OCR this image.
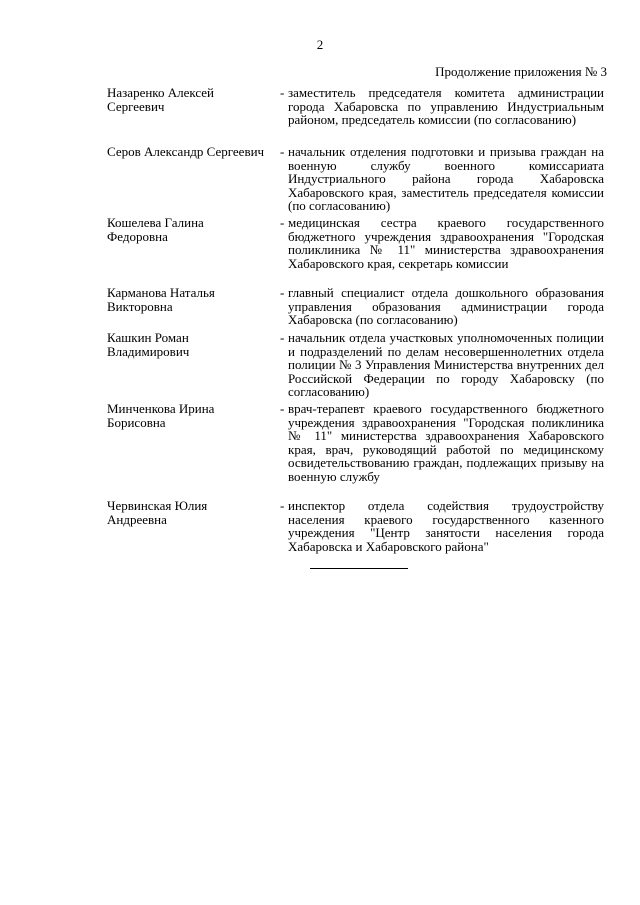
2
Продолжение приложения № 3
Назаренко Алексей Сергеевич
- заместитель председателя комитета администрации города Хабаровска по управлению Индустриальным районом, председатель комиссии (по согласованию)
Серов Александр Сергеевич - начальник отделения подготовки и призыва граждан на военную службу военного комиссариата Индустриального района города Хабаровска Хабаровского края, заместитель председателя комиссии (по согласованию)
Кошелева Галина Федоровна
- медицинская сестра краевого государственного бюджетного учреждения здравоохранения "Городская поликлиника № 11" министерства здравоохранения Хабаровского края, секретарь комиссии
Карманова Наталья Викторовна
- главный специалист отдела дошкольного образования управления образования администрации города Хабаровска (по согласованию)
Кашкин Роман Владимирович
- начальник отдела участковых уполномоченных полиции и подразделений по делам несовершеннолетних отдела полиции № 3 Управления Министерства внутренних дел Российской Федерации по городу Хабаровску (по согласованию)
Минченкова Ирина Борисовна
- врач-терапевт краевого государственного бюджетного учреждения здравоохранения "Городская поликлиника № 11" министерства здравоохранения Хабаровского края, врач, руководящий работой по медицинскому освидетельствованию граждан, подлежащих призыву на военную службу
Червинская Юлия Андреевна
- инспектор отдела содействия трудоустройству населения краевого государственного казенного учреждения "Центр занятости населения города Хабаровска и Хабаровского района"
